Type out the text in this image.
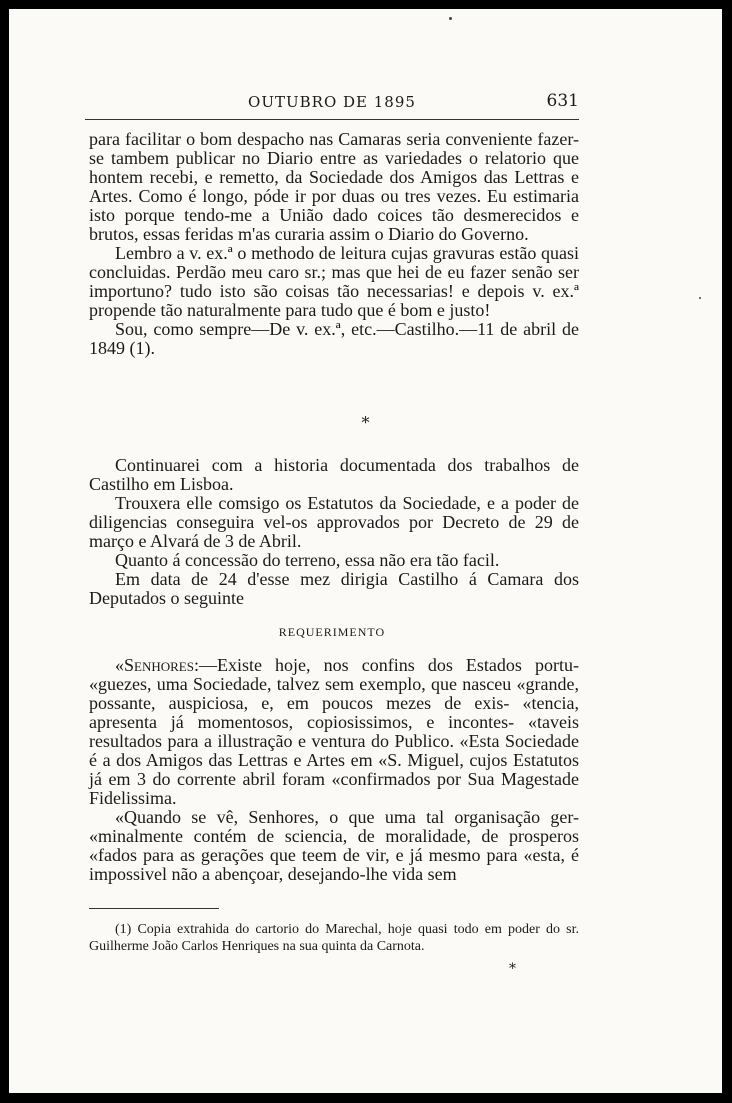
OUTUBRO DE 1895	631

para facilitar o bom despacho nas Camaras seria conveniente fazer-se tambem publicar no Diario entre as variedades o relatorio que hontem recebi, e remetto, da Sociedade dos Amigos das Lettras e Artes. Como é longo, póde ir por duas ou tres vezes. Eu estimaria isto porque tendo-me a União dado coices tão desmerecidos e brutos, essas feridas m'as curaria assim o Diario do Governo.

Lembro a v. ex.ª o methodo de leitura cujas gravuras estão quasi concluidas. Perdão meu caro sr.; mas que hei de eu fazer senão ser importuno? tudo isto são coisas tão necessarias! e depois v. ex.ª propende tão naturalmente para tudo que é bom e justo!

Sou, como sempre—De v. ex.ª, etc.—Castilho.—11 de abril de 1849 (1).

*

Continuarei com a historia documentada dos trabalhos de Castilho em Lisboa.

Trouxera elle comsigo os Estatutos da Sociedade, e a poder de diligencias conseguira vel-os approvados por Decreto de 29 de março e Alvará de 3 de Abril.

Quanto á concessão do terreno, essa não era tão facil.

Em data de 24 d'esse mez dirigia Castilho á Camara dos Deputados o seguinte

REQUERIMENTO

«Senhores:—Existe hoje, nos confins dos Estados portu- «guezes, uma Sociedade, talvez sem exemplo, que nasceu «grande, possante, auspiciosa, e, em poucos mezes de exis- «tencia, apresenta já momentosos, copiosissimos, e incontes- «taveis resultados para a illustração e ventura do Publico. «Esta Sociedade é a dos Amigos das Lettras e Artes em «S. Miguel, cujos Estatutos já em 3 do corrente abril foram «confirmados por Sua Magestade Fidelissima.

«Quando se vê, Senhores, o que uma tal organisação ger- «minalmente contém de sciencia, de moralidade, de prosperos «fados para as gerações que teem de vir, e já mesmo para «esta, é impossivel não a abençoar, desejando-lhe vida sem

(1) Copia extrahida do cartorio do Marechal, hoje quasi todo em poder do sr. Guilherme João Carlos Henriques na sua quinta da Carnota.

*
